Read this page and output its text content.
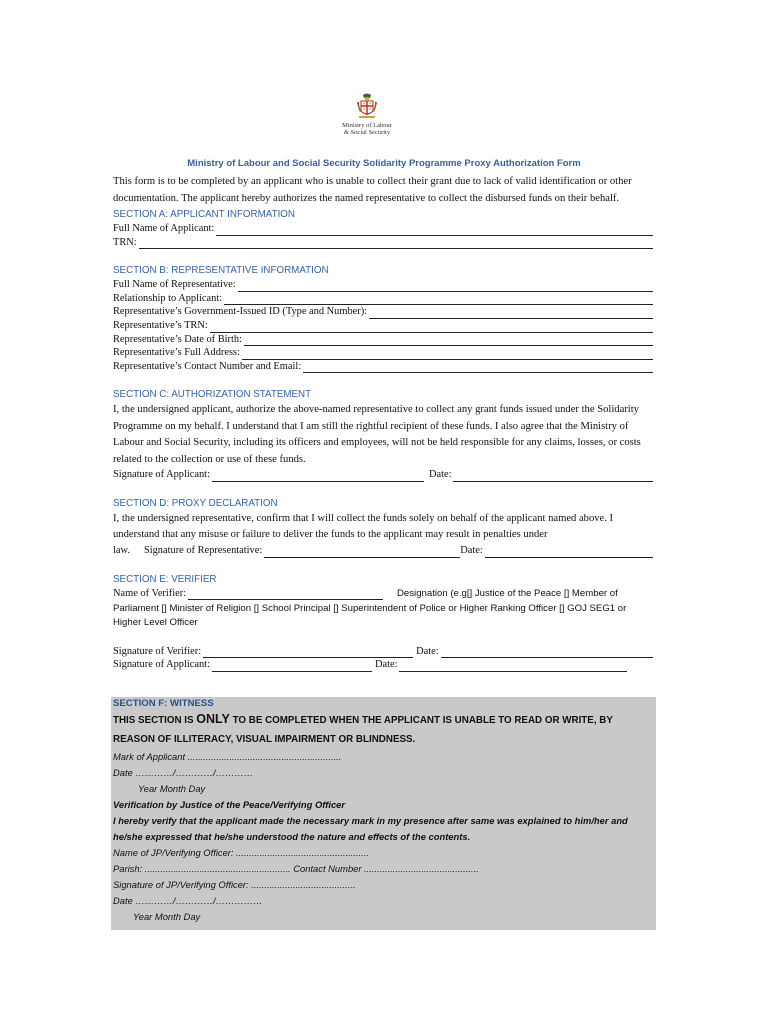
Ministry of Labour
& Social Security
Ministry of Labour and Social Security Solidarity Programme Proxy Authorization Form

This form is to be completed by an applicant who is unable to collect their grant due to lack of valid identification or other documentation. The applicant hereby authorizes the named representative to collect the disbursed funds on their behalf.

SECTION A: APPLICANT INFORMATION

Full Name of Applicant:
TRN:

SECTION B: REPRESENTATIVE INFORMATION

Full Name of Representative:
Relationship to Applicant:
Representative’s Government-Issued ID (Type and Number):
Representative’s TRN:
Representative’s Date of Birth:
Representative’s Full Address:
Representative’s Contact Number and Email:

SECTION C: AUTHORIZATION STATEMENT

I, the undersigned applicant, authorize the above-named representative to collect any grant funds issued under the Solidarity Programme on my behalf. I understand that I am still the rightful recipient of these funds. I also agree that the Ministry of Labour and Social Security, including its officers and employees, will not be held responsible for any claims, losses, or costs related to the collection or use of these funds.

Signature of Applicant:	Date:

SECTION D: PROXY DECLARATION

I, the undersigned representative, confirm that I will collect the funds solely on behalf of the applicant named above. I understand that any misuse or failure to deliver the funds to the applicant may result in penalties under

law. Signature of Representative:	Date:

SECTION E: VERIFIER

Name of Verifier:	Designation (e.g[] Justice of the Peace [] Member of Parliament [] Minister of Religion [] School Principal [] Superintendent of Police or Higher Ranking Officer [] GOJ SEG1 or Higher Level Officer

Signature of Verifier:	Date:
Signature of Applicant:	Date:
SECTION F: WITNESS
THIS SECTION IS ONLY TO BE COMPLETED WHEN THE APPLICANT IS UNABLE TO READ OR WRITE, BY REASON OF ILLITERACY, VISUAL IMPAIRMENT OR BLINDNESS.
Mark of Applicant ...........................................................
Date …………/…………/…………
Year Month Day
Verification by Justice of the Peace/Verifying Officer
I hereby verify that the applicant made the necessary mark in my presence after same was explained to him/her and he/she expressed that he/she understood the nature and effects of the contents.
Name of JP/Verifying Officer: ...................................................
Parish: ........................................................ Contact Number ............................................
Signature of JP/Verifying Officer: ........................................
Date …………/…………/……………
Year Month Day
